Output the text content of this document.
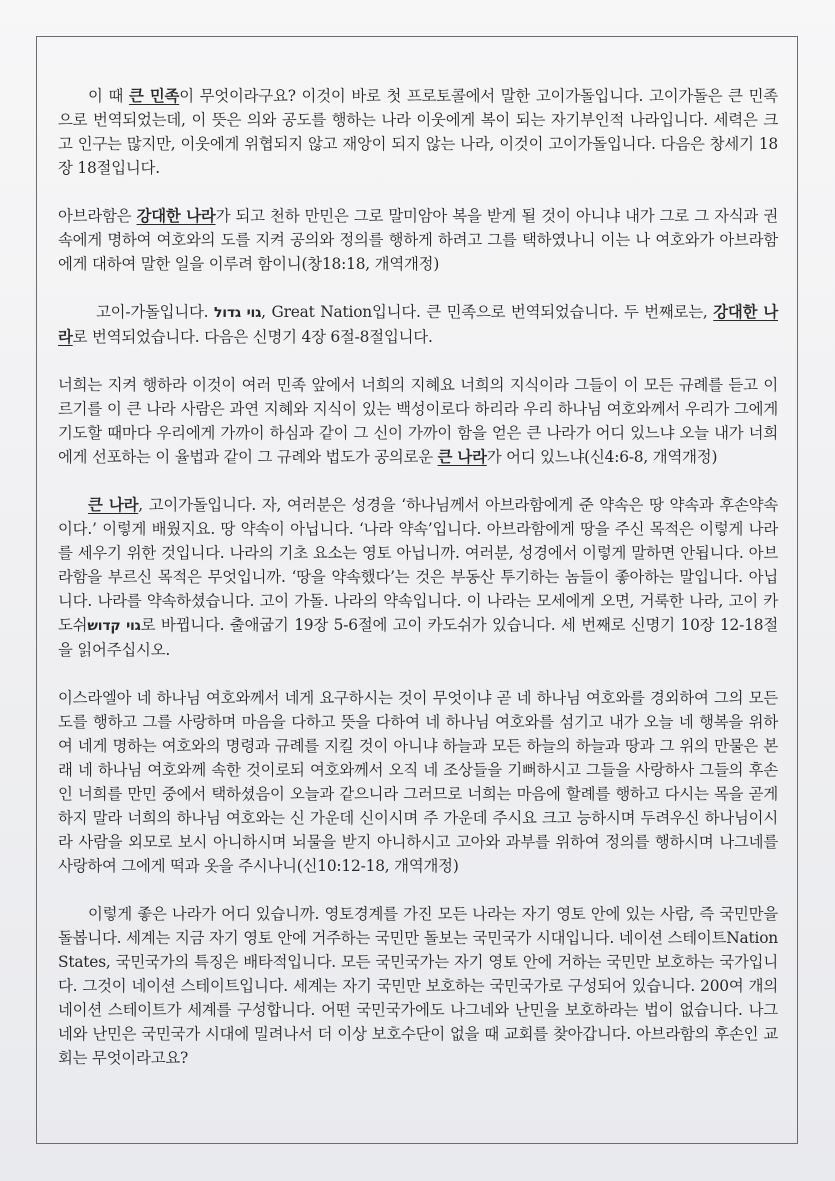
이 때 큰 민족이 무엇이라구요? 이것이 바로 첫 프로토콜에서 말한 고이가돌입니다. 고이가돌은 큰 민족으로 번역되었는데, 이 뜻은 의와 공도를 행하는 나라 이웃에게 복이 되는 자기부인적 나라입니다. 세력은 크고 인구는 많지만, 이웃에게 위협되지 않고 재앙이 되지 않는 나라, 이것이 고이가돌입니다. 다음은 창세기 18장 18절입니다.

아브라함은 강대한 나라가 되고 천하 만민은 그로 말미암아 복을 받게 될 것이 아니냐 내가 그로 그 자식과 권속에게 명하여 여호와의 도를 지켜 공의와 정의를 행하게 하려고 그를 택하였나니 이는 나 여호와가 아브라함에게 대하여 말한 일을 이루려 함이니(창18:18, 개역개정)

고이-가돌입니다. גוי גדול, Great Nation입니다. 큰 민족으로 번역되었습니다. 두 번째로는, 강대한 나라로 번역되었습니다. 다음은 신명기 4장 6절-8절입니다.

너희는 지켜 행하라 이것이 여러 민족 앞에서 너희의 지혜요 너희의 지식이라 그들이 이 모든 규례를 듣고 이르기를 이 큰 나라 사람은 과연 지혜와 지식이 있는 백성이로다 하리라 우리 하나님 여호와께서 우리가 그에게 기도할 때마다 우리에게 가까이 하심과 같이 그 신이 가까이 함을 얻은 큰 나라가 어디 있느냐 오늘 내가 너희에게 선포하는 이 율법과 같이 그 규례와 법도가 공의로운 큰 나라가 어디 있느냐(신4:6-8, 개역개정)

큰 나라, 고이가돌입니다. 자, 여러분은 성경을 ‘하나님께서 아브라함에게 준 약속은 땅 약속과 후손약속이다.’ 이렇게 배웠지요. 땅 약속이 아닙니다. ‘나라 약속’입니다. 아브라함에게 땅을 주신 목적은 이렇게 나라를 세우기 위한 것입니다. 나라의 기초 요소는 영토 아닙니까. 여러분, 성경에서 이렇게 말하면 안됩니다. 아브라함을 부르신 목적은 무엇입니까. ‘땅을 약속했다’는 것은 부동산 투기하는 놈들이 좋아하는 말입니다. 아닙니다. 나라를 약속하셨습니다. 고이 가돌. 나라의 약속입니다. 이 나라는 모세에게 오면, 거룩한 나라, 고이 카도쉬גוי קדוש로 바뀝니다. 출애굽기 19장 5-6절에 고이 카도쉬가 있습니다. 세 번째로 신명기 10장 12-18절을 읽어주십시오.

이스라엘아 네 하나님 여호와께서 네게 요구하시는 것이 무엇이냐 곧 네 하나님 여호와를 경외하여 그의 모든 도를 행하고 그를 사랑하며 마음을 다하고 뜻을 다하여 네 하나님 여호와를 섬기고 내가 오늘 네 행복을 위하여 네게 명하는 여호와의 명령과 규례를 지킬 것이 아니냐 하늘과 모든 하늘의 하늘과 땅과 그 위의 만물은 본래 네 하나님 여호와께 속한 것이로되 여호와께서 오직 네 조상들을 기뻐하시고 그들을 사랑하사 그들의 후손인 너희를 만민 중에서 택하셨음이 오늘과 같으니라 그러므로 너희는 마음에 할례를 행하고 다시는 목을 곧게 하지 말라 너희의 하나님 여호와는 신 가운데 신이시며 주 가운데 주시요 크고 능하시며 두려우신 하나님이시라 사람을 외모로 보시 아니하시며 뇌물을 받지 아니하시고 고아와 과부를 위하여 정의를 행하시며 나그네를 사랑하여 그에게 떡과 옷을 주시나니(신10:12-18, 개역개정)

이렇게 좋은 나라가 어디 있습니까. 영토경계를 가진 모든 나라는 자기 영토 안에 있는 사람, 즉 국민만을 돌봅니다. 세계는 지금 자기 영토 안에 거주하는 국민만 돌보는 국민국가 시대입니다. 네이션 스테이트Nation States, 국민국가의 특징은 배타적입니다. 모든 국민국가는 자기 영토 안에 거하는 국민만 보호하는 국가입니다. 그것이 네이션 스테이트입니다. 세계는 자기 국민만 보호하는 국민국가로 구성되어 있습니다. 200여 개의 네이션 스테이트가 세계를 구성합니다. 어떤 국민국가에도 나그네와 난민을 보호하라는 법이 없습니다. 나그네와 난민은 국민국가 시대에 밀려나서 더 이상 보호수단이 없을 때 교회를 찾아갑니다. 아브라함의 후손인 교회는 무엇이라고요?
